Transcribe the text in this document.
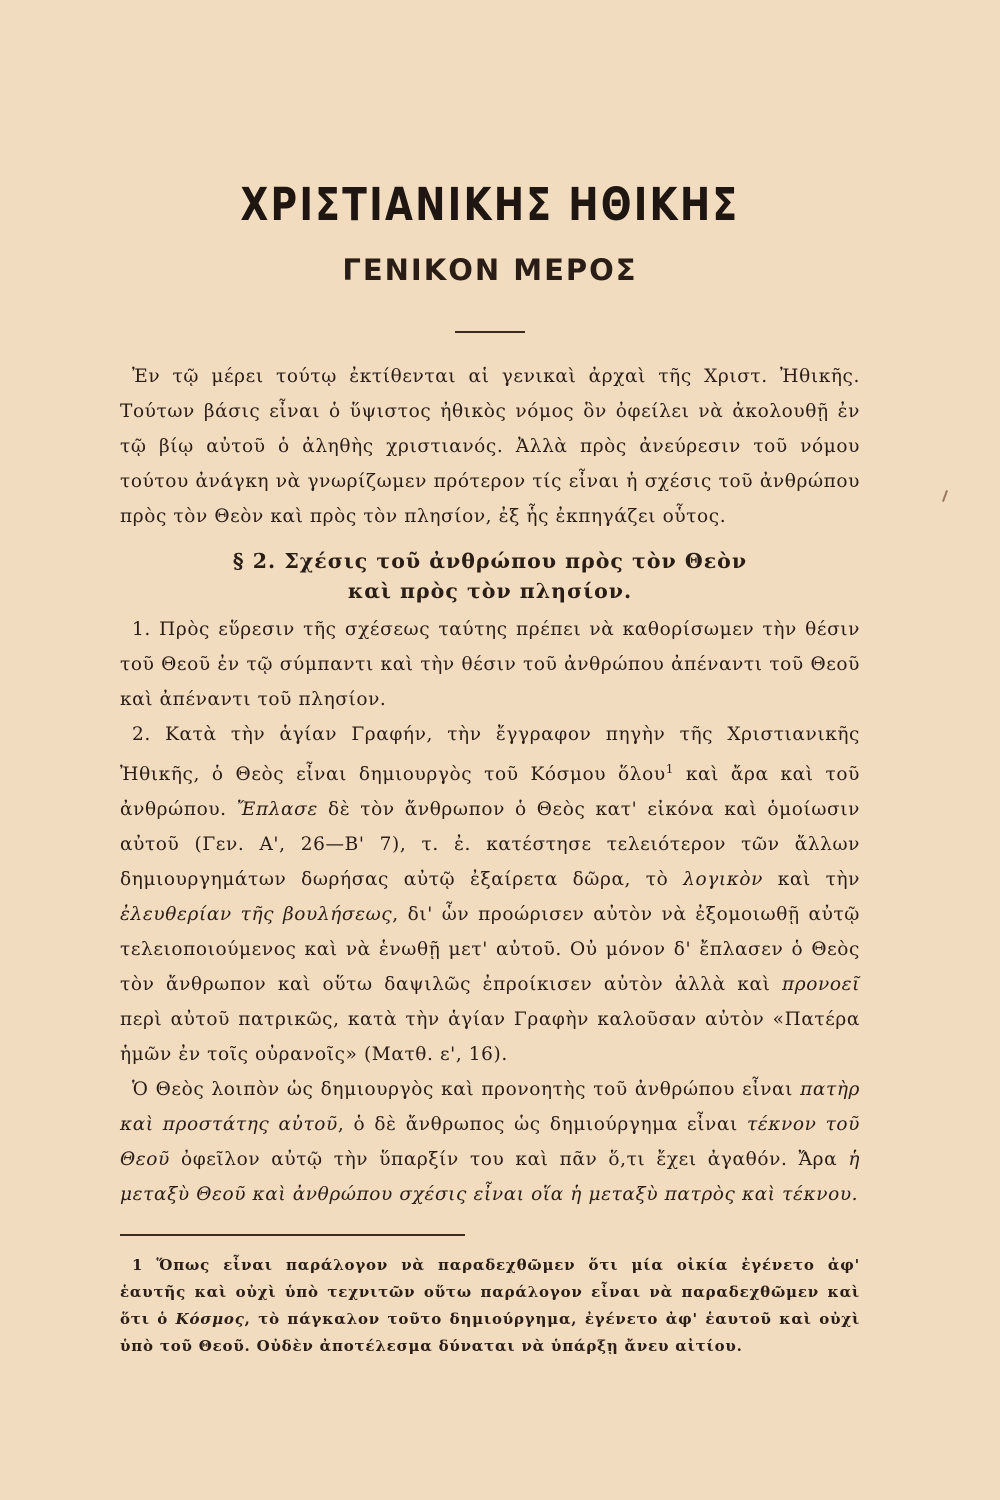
ΧΡΙΣΤΙΑΝΙΚΗΣ ΗΘΙΚΗΣ
ΓΕΝΙΚΟΝ ΜΕΡΟΣ

Ἐν τῷ μέρει τούτῳ ἐκτίθενται αἱ γενικαὶ ἀρχαὶ τῆς Χριστ. Ἠθικῆς. Τούτων βάσις εἶναι ὁ ὕψιστος ἠθικὸς νόμος ὃν ὀφείλει νὰ ἀκολουθῇ ἐν τῷ βίῳ αὐτοῦ ὁ ἀληθὴς χριστιανός. Ἀλλὰ πρὸς ἀνεύρεσιν τοῦ νόμου τούτου ἀνάγκη νὰ γνωρίζωμεν πρότερον τίς εἶναι ἡ σχέσις τοῦ ἀνθρώπου πρὸς τὸν Θεὸν καὶ πρὸς τὸν πλησίον, ἐξ ἧς ἐκπηγάζει οὗτος.

§ 2. Σχέσις τοῦ ἀνθρώπου πρὸς τὸν Θεὸν
καὶ πρὸς τὸν πλησίον.

1. Πρὸς εὕρεσιν τῆς σχέσεως ταύτης πρέπει νὰ καθορίσωμεν τὴν θέσιν τοῦ Θεοῦ ἐν τῷ σύμπαντι καὶ τὴν θέσιν τοῦ ἀνθρώπου ἀπέναντι τοῦ Θεοῦ καὶ ἀπέναντι τοῦ πλησίον.

2. Κατὰ τὴν ἁγίαν Γραφήν, τὴν ἔγγραφον πηγὴν τῆς Χριστιανικῆς Ἠθικῆς, ὁ Θεὸς εἶναι δημιουργὸς τοῦ Κόσμου ὅλου$^1$ καὶ ἄρα καὶ τοῦ ἀνθρώπου. Ἔπλασε δὲ τὸν ἄνθρωπον ὁ Θεὸς κατ' εἰκόνα καὶ ὁμοίωσιν αὐτοῦ (Γεν. Α', 26—Β' 7), τ. ἐ. κατέστησε τελειότερον τῶν ἄλλων δημιουργημάτων δωρήσας αὐτῷ ἐξαίρετα δῶρα, τὸ λογικὸν καὶ τὴν ἐλευθερίαν τῆς βουλήσεως, δι' ὧν προώρισεν αὐτὸν νὰ ἐξομοιωθῇ αὐτῷ τελειοποιούμενος καὶ νὰ ἑνωθῇ μετ' αὐτοῦ. Οὐ μόνον δ' ἔπλασεν ὁ Θεὸς τὸν ἄνθρωπον καὶ οὕτω δαψιλῶς ἐπροίκισεν αὐτὸν ἀλλὰ καὶ προνοεῖ περὶ αὐτοῦ πατρικῶς, κατὰ τὴν ἁγίαν Γραφὴν καλοῦσαν αὐτὸν «Πατέρα ἡμῶν ἐν τοῖς οὐρανοῖς» (Ματθ. ε', 16).

Ὁ Θεὸς λοιπὸν ὡς δημιουργὸς καὶ προνοητὴς τοῦ ἀνθρώπου εἶναι πατὴρ καὶ προστάτης αὐτοῦ, ὁ δὲ ἄνθρωπος ὡς δημιούργημα εἶναι τέκνον τοῦ Θεοῦ ὀφεῖλον αὐτῷ τὴν ὕπαρξίν του καὶ πᾶν ὅ,τι ἔχει ἀγαθόν. Ἄρα ἡ μεταξὺ Θεοῦ καὶ ἀνθρώπου σχέσις εἶναι οἵα ἡ μεταξὺ πατρὸς καὶ τέκνου.

1 Ὅπως εἶναι παράλογον νὰ παραδεχθῶμεν ὅτι μία οἰκία ἐγένετο ἀφ' ἑαυτῆς καὶ οὐχὶ ὑπὸ τεχνιτῶν οὕτω παράλογον εἶναι νὰ παραδεχθῶμεν καὶ ὅτι ὁ Κόσμος, τὸ πάγκαλον τοῦτο δημιούργημα, ἐγένετο ἀφ' ἑαυτοῦ καὶ οὐχὶ ὑπὸ τοῦ Θεοῦ. Οὐδὲν ἀποτέλεσμα δύναται νὰ ὑπάρξῃ ἄνευ αἰτίου.
